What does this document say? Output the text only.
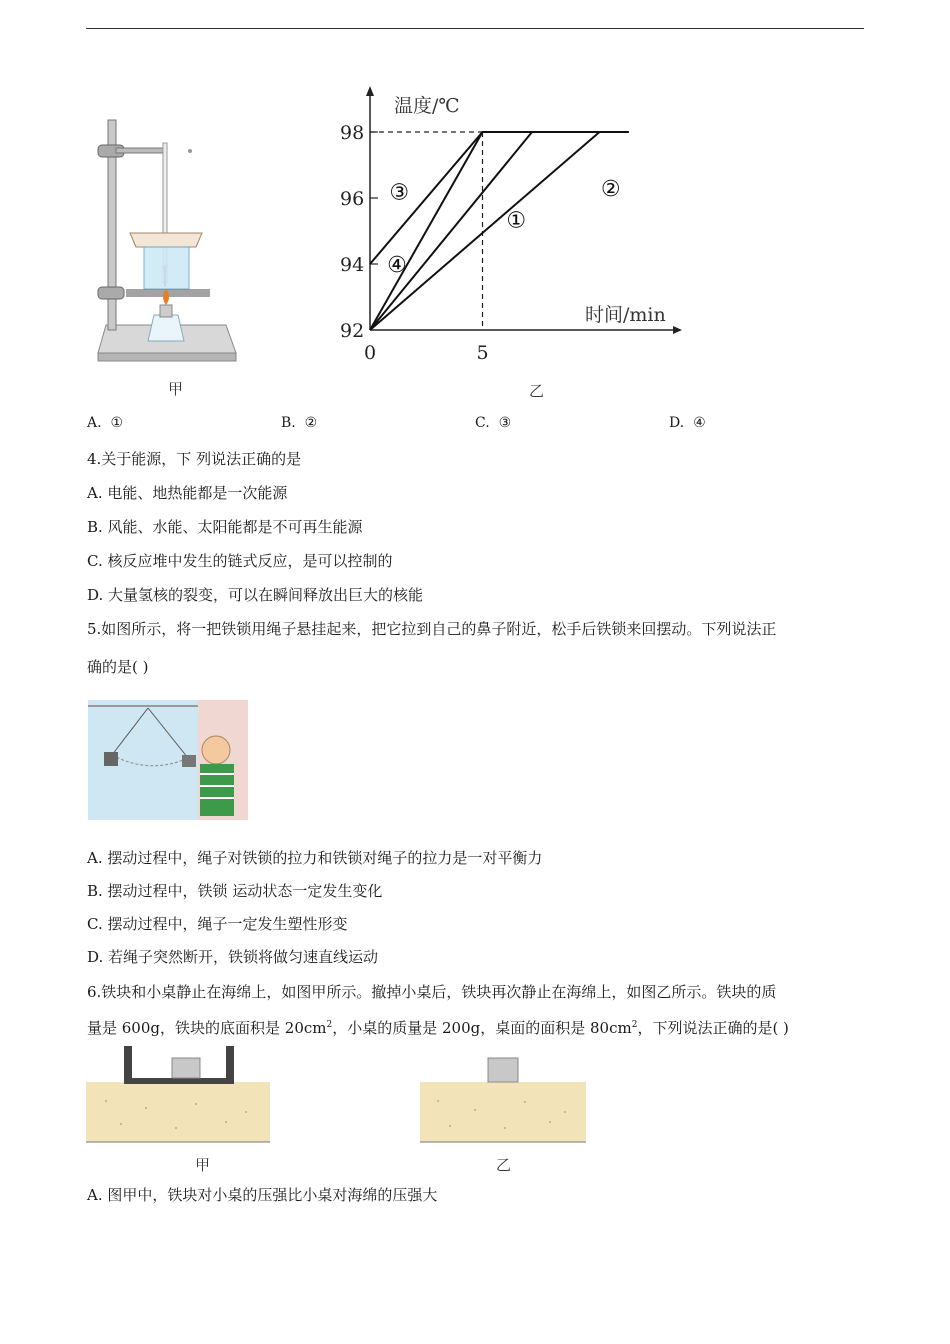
甲
温度/℃
时间/min
92
94
96
98
0	5
①
②
③
④
乙
A. ①	B. ②	C. ③	D. ④
4.关于能源，下 列说法正确的是
A. 电能、地热能都是一次能源
B. 风能、水能、太阳能都是不可再生能源
C. 核反应堆中发生的链式反应，是可以控制的
D. 大量氢核的裂变，可以在瞬间释放出巨大的核能
5.如图所示，将一把铁锁用绳子悬挂起来，把它拉到自己的鼻子附近，松手后铁锁来回摆动。下列说法正
确的是( )
A. 摆动过程中，绳子对铁锁的拉力和铁锁对绳子的拉力是一对平衡力
B. 摆动过程中，铁锁 运动状态一定发生变化
C. 摆动过程中，绳子一定发生塑性形变
D. 若绳子突然断开，铁锁将做匀速直线运动
6.铁块和小桌静止在海绵上，如图甲所示。撤掉小桌后，铁块再次静止在海绵上，如图乙所示。铁块的质
量是 600g，铁块的底面积是 $20cm^2$，小桌的质量是 200g，桌面的面积是 $80cm^2$，下列说法正确的是( )
甲	乙
A. 图甲中，铁块对小桌的压强比小桌对海绵的压强大
